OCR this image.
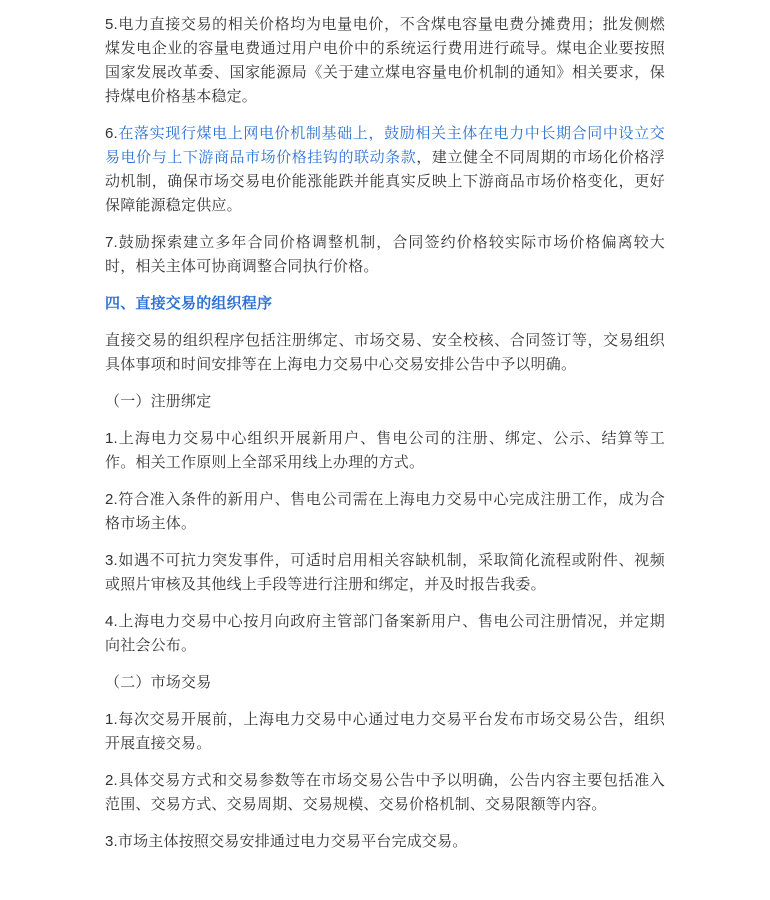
5.电力直接交易的相关价格均为电量电价，不含煤电容量电费分摊费用；批发侧燃煤发电企业的容量电费通过用户电价中的系统运行费用进行疏导。煤电企业要按照国家发展改革委、国家能源局《关于建立煤电容量电价机制的通知》相关要求，保持煤电价格基本稳定。

6.在落实现行煤电上网电价机制基础上，鼓励相关主体在电力中长期合同中设立交易电价与上下游商品市场价格挂钩的联动条款，建立健全不同周期的市场化价格浮动机制，确保市场交易电价能涨能跌并能真实反映上下游商品市场价格变化，更好保障能源稳定供应。

7.鼓励探索建立多年合同价格调整机制，合同签约价格较实际市场价格偏离较大时，相关主体可协商调整合同执行价格。

四、直接交易的组织程序

直接交易的组织程序包括注册绑定、市场交易、安全校核、合同签订等，交易组织具体事项和时间安排等在上海电力交易中心交易安排公告中予以明确。

（一）注册绑定

1.上海电力交易中心组织开展新用户、售电公司的注册、绑定、公示、结算等工作。相关工作原则上全部采用线上办理的方式。

2.符合准入条件的新用户、售电公司需在上海电力交易中心完成注册工作，成为合格市场主体。

3.如遇不可抗力突发事件，可适时启用相关容缺机制，采取简化流程或附件、视频或照片审核及其他线上手段等进行注册和绑定，并及时报告我委。

4.上海电力交易中心按月向政府主管部门备案新用户、售电公司注册情况，并定期向社会公布。

（二）市场交易

1.每次交易开展前，上海电力交易中心通过电力交易平台发布市场交易公告，组织开展直接交易。

2.具体交易方式和交易参数等在市场交易公告中予以明确，公告内容主要包括准入范围、交易方式、交易周期、交易规模、交易价格机制、交易限额等内容。

3.市场主体按照交易安排通过电力交易平台完成交易。
